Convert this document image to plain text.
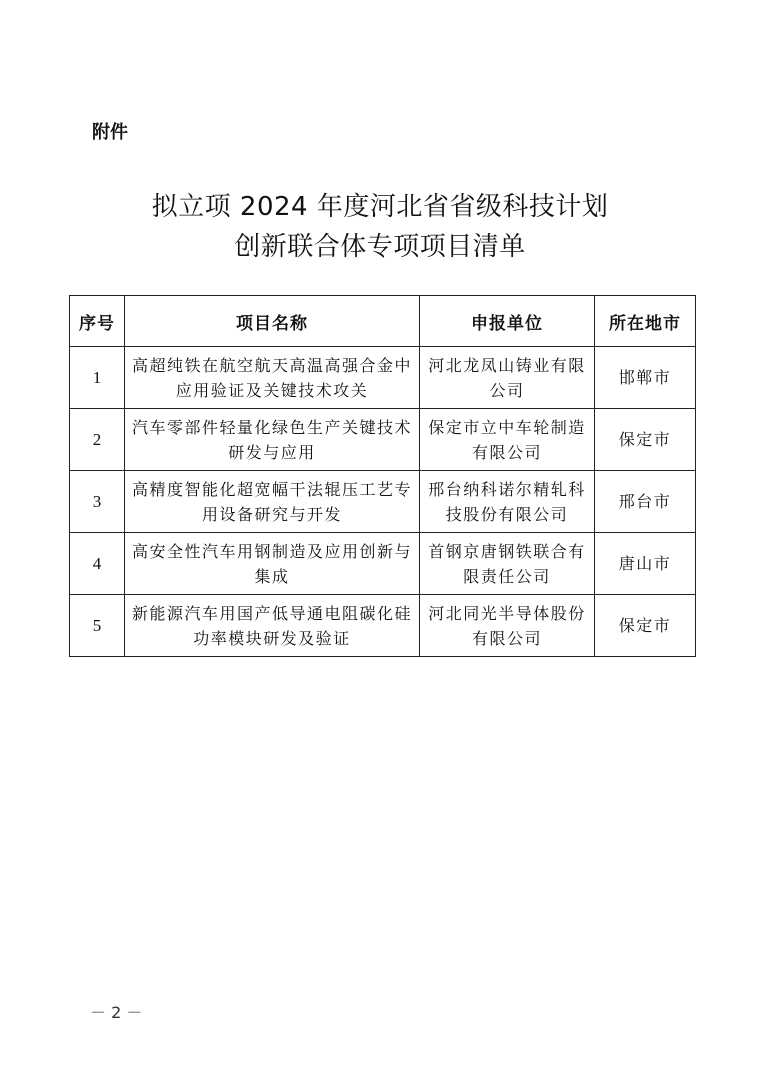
附件
拟立项 2024 年度河北省省级科技计划
创新联合体专项项目清单
序号	项目名称	申报单位	所在地市
1	高超纯铁在航空航天高温高强合金中应用验证及关键技术攻关	河北龙凤山铸业有限公司	邯郸市
2	汽车零部件轻量化绿色生产关键技术研发与应用	保定市立中车轮制造有限公司	保定市
3	高精度智能化超宽幅干法辊压工艺专用设备研究与开发	邢台纳科诺尔精轧科技股份有限公司	邢台市
4	高安全性汽车用钢制造及应用创新与集成	首钢京唐钢铁联合有限责任公司	唐山市
5	新能源汽车用国产低导通电阻碳化硅功率模块研发及验证	河北同光半导体股份有限公司	保定市
－ 2 －
